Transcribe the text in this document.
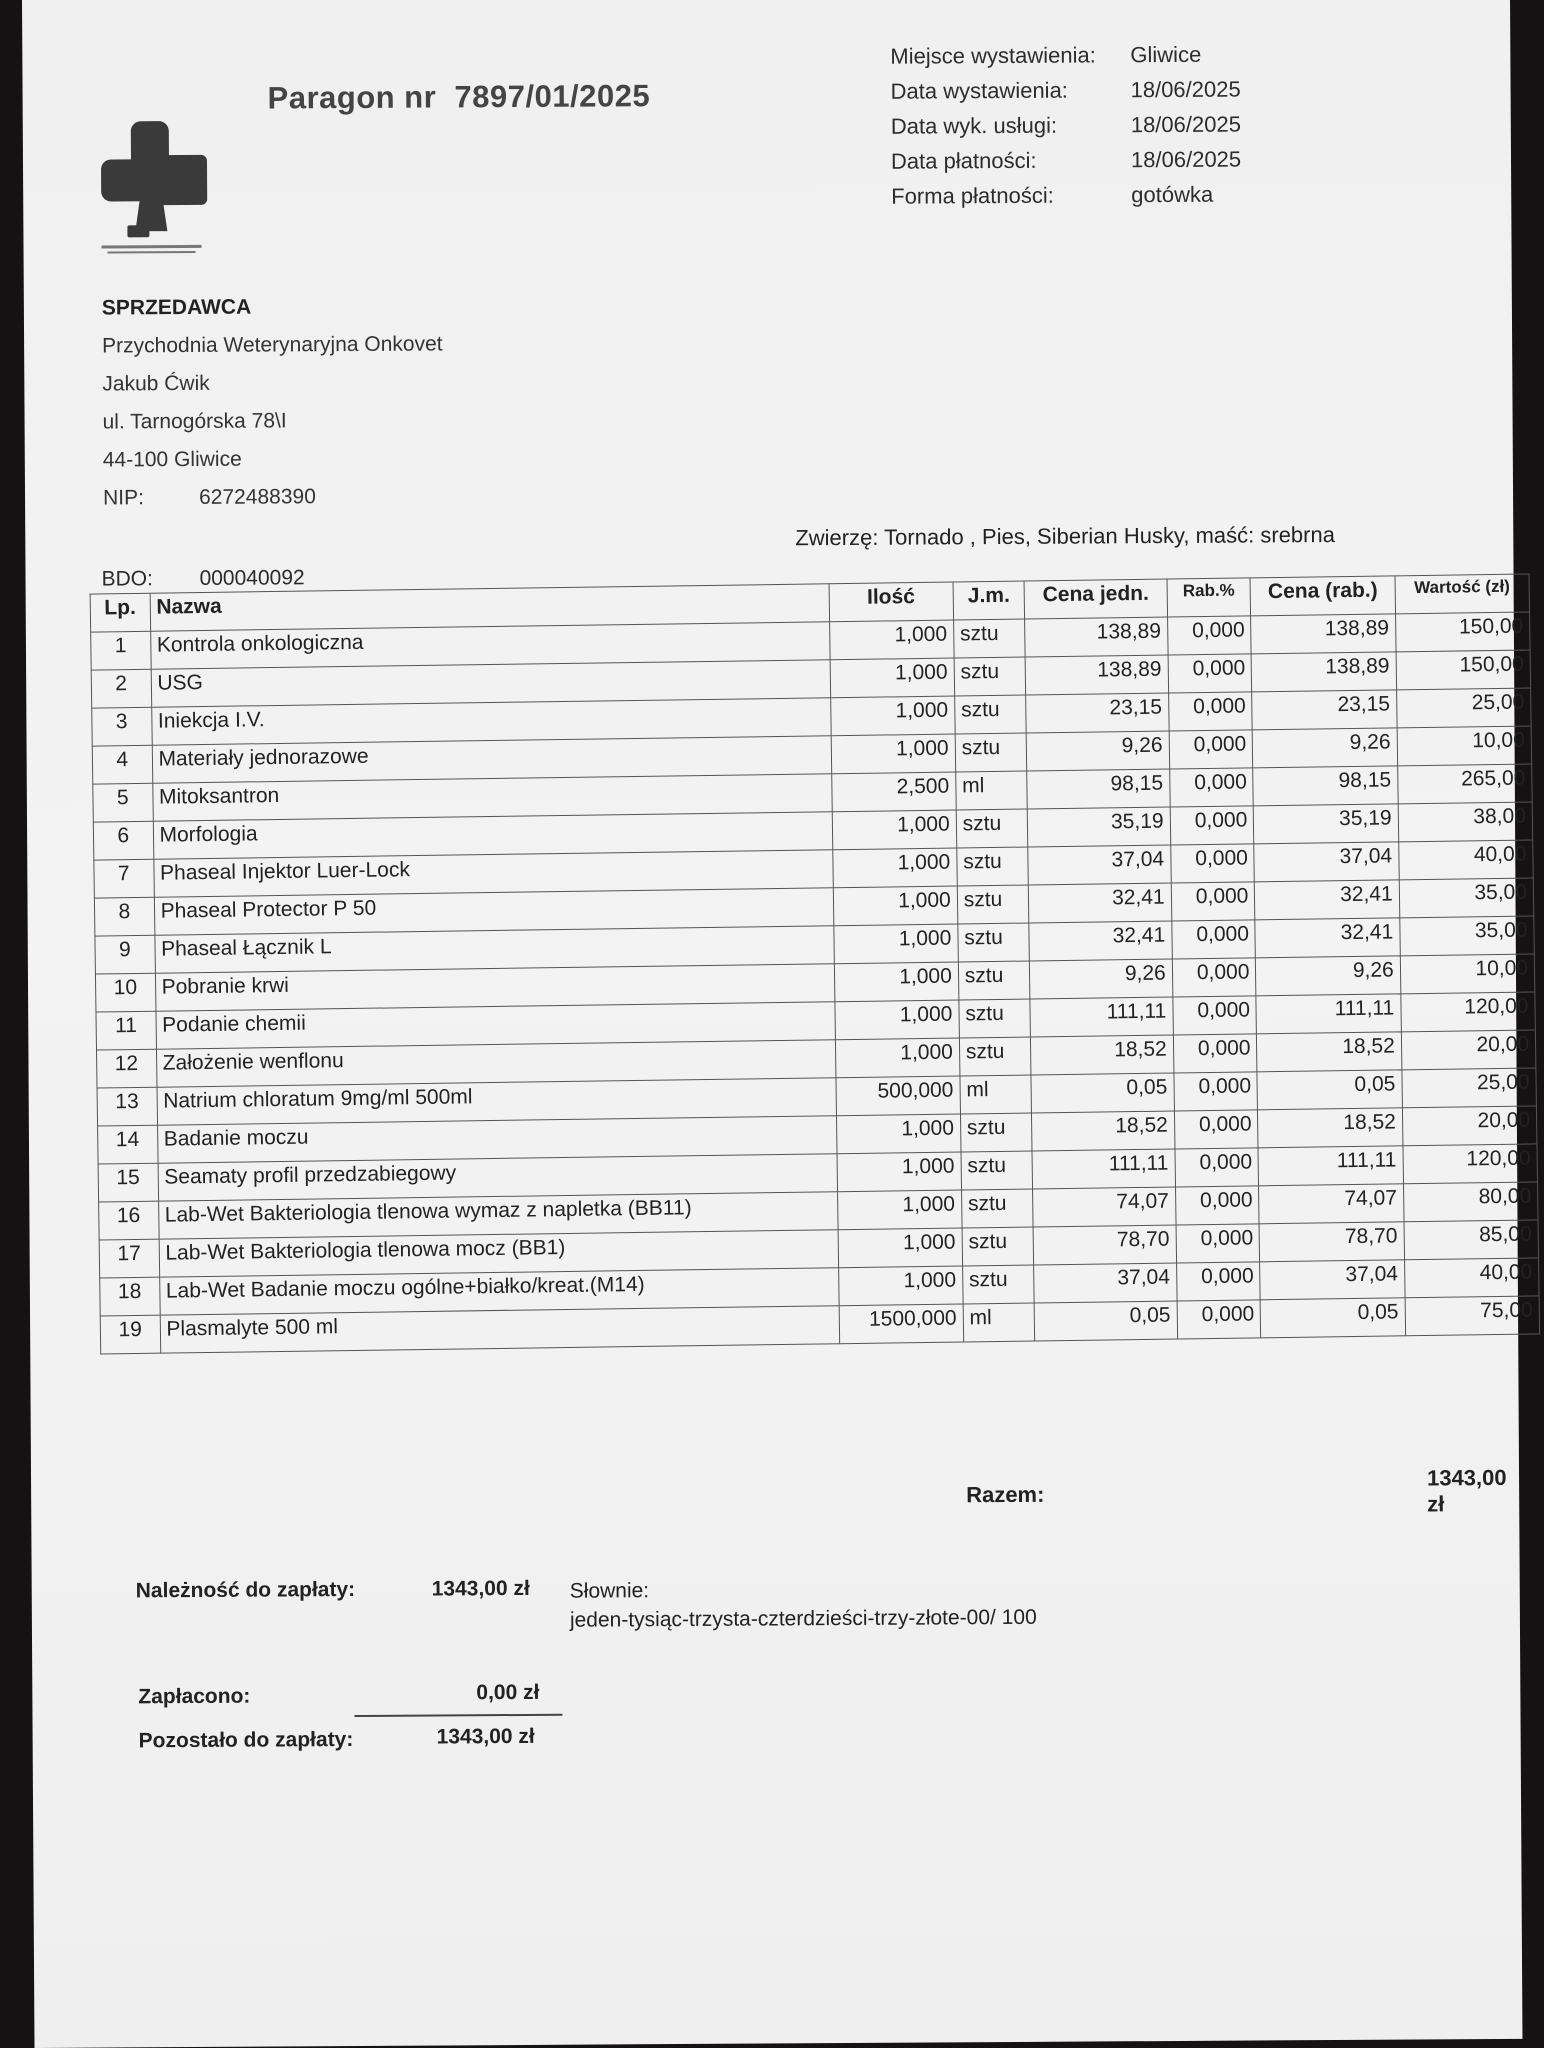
Paragon nr 7897/01/2025
Miejsce wystawienia:	Gliwice
Data wystawienia:	18/06/2025
Data wyk. usługi:	18/06/2025
Data płatności:	18/06/2025
Forma płatności:	gotówka
SPRZEDAWCA
Przychodnia Weterynaryjna Onkovet
Jakub Ćwik
ul. Tarnogórska 78\I
44-100 Gliwice
NIP:	6272488390
BDO:	000040092
Zwierzę: Tornado , Pies, Siberian Husky, maść: srebrna
Lp.	Nazwa	Ilość	J.m.	Cena jedn.	Rab.%	Cena (rab.)	Wartość (zł)
1	Kontrola onkologiczna	1,000	sztu	138,89	0,000	138,89	150,00
2	USG	1,000	sztu	138,89	0,000	138,89	150,00
3	Iniekcja I.V.	1,000	sztu	23,15	0,000	23,15	25,00
4	Materiały jednorazowe	1,000	sztu	9,26	0,000	9,26	10,00
5	Mitoksantron	2,500	ml	98,15	0,000	98,15	265,00
6	Morfologia	1,000	sztu	35,19	0,000	35,19	38,00
7	Phaseal Injektor Luer-Lock	1,000	sztu	37,04	0,000	37,04	40,00
8	Phaseal Protector P 50	1,000	sztu	32,41	0,000	32,41	35,00
9	Phaseal Łącznik L	1,000	sztu	32,41	0,000	32,41	35,00
10	Pobranie krwi	1,000	sztu	9,26	0,000	9,26	10,00
11	Podanie chemii	1,000	sztu	111,11	0,000	111,11	120,00
12	Założenie wenflonu	1,000	sztu	18,52	0,000	18,52	20,00
13	Natrium chloratum 9mg/ml 500ml	500,000	ml	0,05	0,000	0,05	25,00
14	Badanie moczu	1,000	sztu	18,52	0,000	18,52	20,00
15	Seamaty profil przedzabiegowy	1,000	sztu	111,11	0,000	111,11	120,00
16	Lab-Wet Bakteriologia tlenowa wymaz z napletka (BB11)	1,000	sztu	74,07	0,000	74,07	80,00
17	Lab-Wet Bakteriologia tlenowa mocz (BB1)	1,000	sztu	78,70	0,000	78,70	85,00
18	Lab-Wet Badanie moczu ogólne+białko/kreat.(M14)	1,000	sztu	37,04	0,000	37,04	40,00
19	Plasmalyte 500 ml	1500,000	ml	0,05	0,000	0,05	75,00
Razem:
1343,00 zł
Należność do zapłaty:	1343,00 zł Słownie:
jeden-tysiąc-trzysta-czterdzieści-trzy-złote-00/ 100
Zapłacono:	0,00 zł
Pozostało do zapłaty:	1343,00 zł
